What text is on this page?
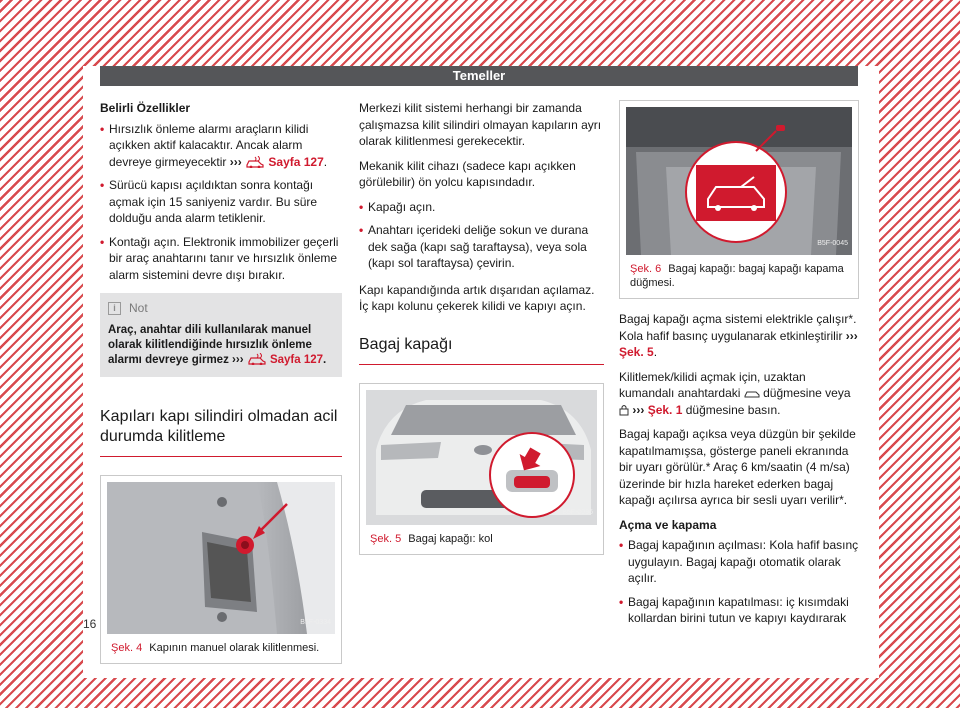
Temeller

Belirli Özellikler

• Hırsızlık önleme alarmı araçların kilidi açıkken aktif kalacaktır. Ancak alarm devreye girmeyecektir ››› Sayfa 127.
• Sürücü kapısı açıldıktan sonra kontağı açmak için 15 saniyeniz vardır. Bu süre dolduğu anda alarm tetiklenir.
• Kontağı açın. Elektronik immobilizer geçerli bir araç anahtarını tanır ve hırsızlık önleme alarm sistemini devre dışı bırakır.
i	Not
Araç, anahtar dili kullanılarak manuel olarak kilitlendiğinde hırsızlık önleme alarmı devreye girmez ››› Sayfa 127.
Kapıları kapı silindiri olmadan acil durumda kilitleme
B5F-0334
Şek. 4 Kapının manuel olarak kilitlenmesi.

Merkezi kilit sistemi herhangi bir zamanda çalışmazsa kilit silindiri olmayan kapıların ayrı olarak kilitlenmesi gerekecektir.

Mekanik kilit cihazı (sadece kapı açıkken görülebilir) ön yolcu kapısındadır.

• Kapağı açın.
• Anahtarı içerideki deliğe sokun ve durana dek sağa (kapı sağ taraftaysa), veya sola (kapı sol taraftaysa) çevirin.

Kapı kapandığında artık dışarıdan açılamaz. İç kapı kolunu çekerek kilidi ve kapıyı açın.

Bagaj kapağı
B5F-0096
Şek. 5 Bagaj kapağı: kol
B5F-0045
Şek. 6 Bagaj kapağı: bagaj kapağı kapama düğmesi.

Bagaj kapağı açma sistemi elektrikle çalışır*. Kola hafif basınç uygulanarak etkinleştirilir ››› Şek. 5.

Kilitlemek/kilidi açmak için, uzaktan kumandalı anahtardaki düğmesine veya  ››› Şek. 1 düğmesine basın.

Bagaj kapağı açıksa veya düzgün bir şekilde kapatılmamışsa, gösterge paneli ekranında bir uyarı görülür.* Araç 6 km/saatin (4 m/sa) üzerinde bir hızla hareket ederken bagaj kapağı açılırsa ayrıca bir sesli uyarı verilir*.

Açma ve kapama

• Bagaj kapağının açılması: Kola hafif basınç uygulayın. Bagaj kapağı otomatik olarak açılır.
• Bagaj kapağının kapatılması: iç kısımdaki kollardan birini tutun ve kapıyı kaydırarak
16
